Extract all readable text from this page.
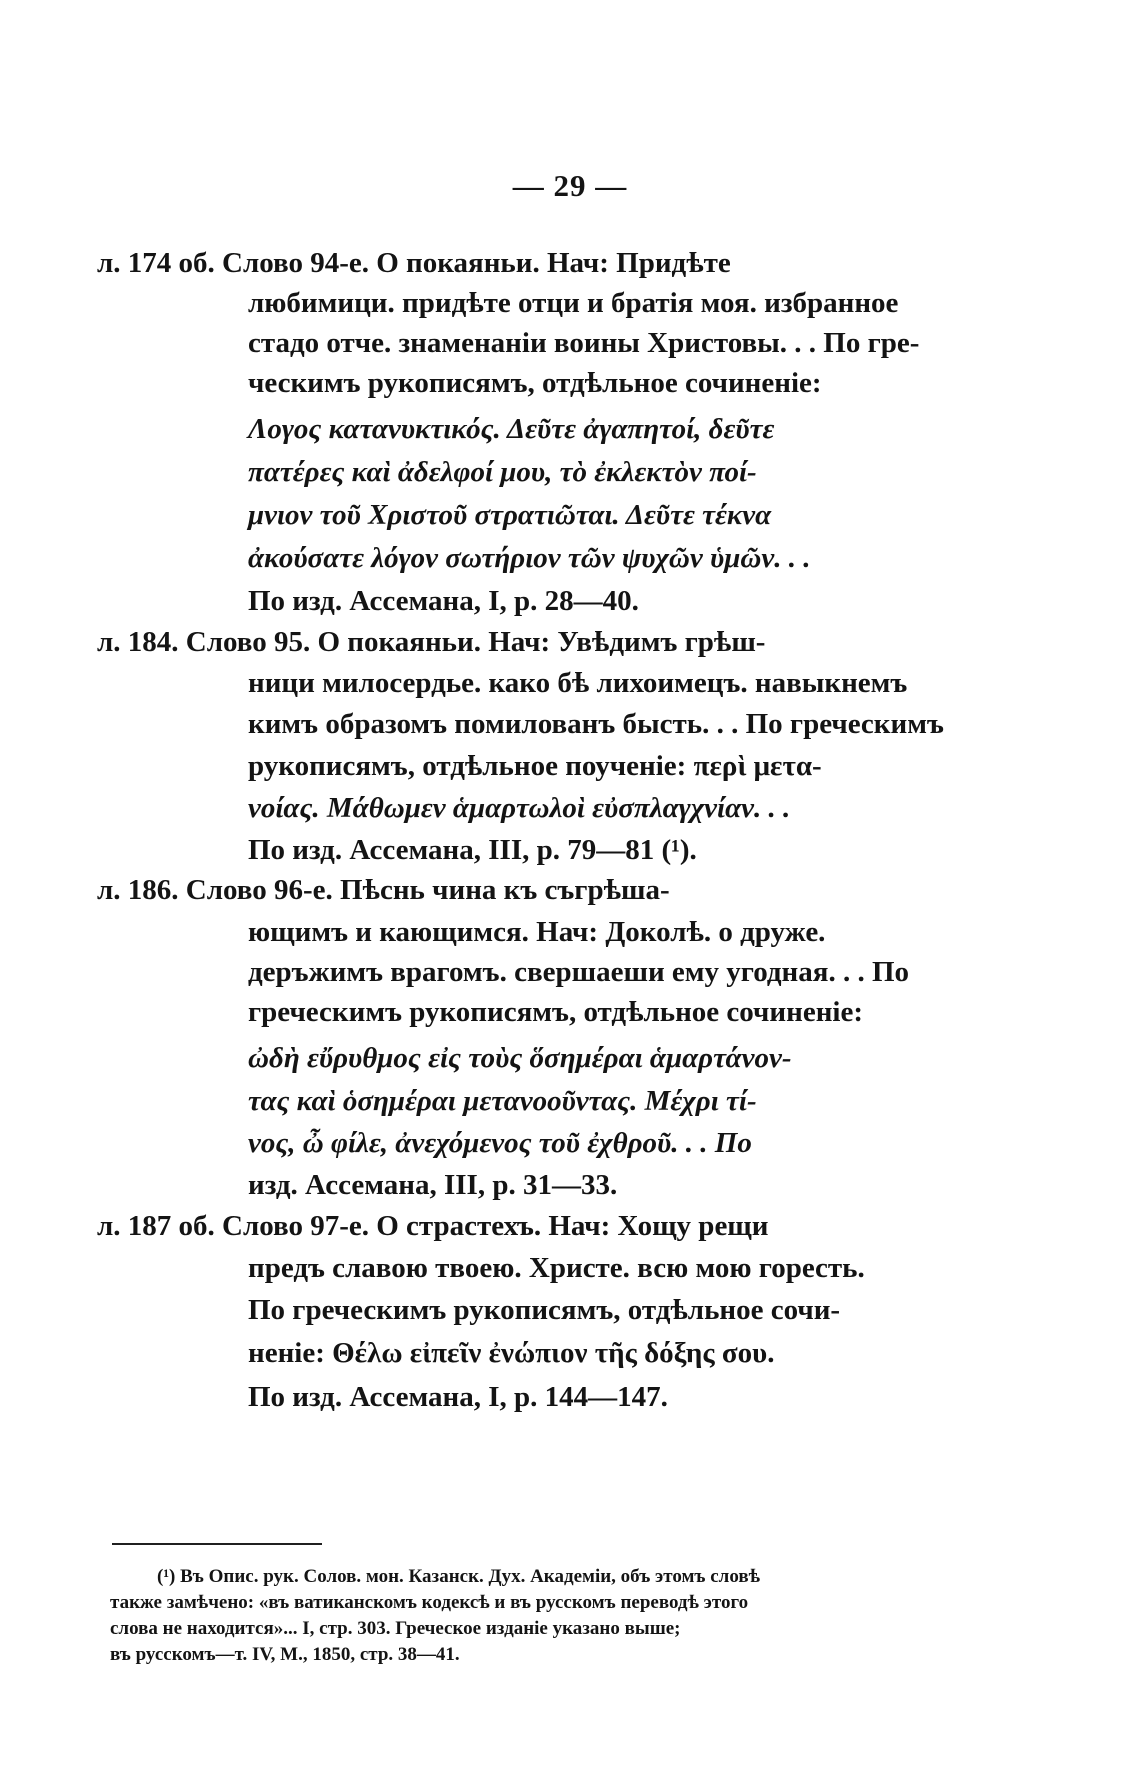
— 29 —
л. 174 об. Слово 94-е. О покаяньи. Нач: Придѣте
любимици. придѣте отци и братія моя. избранное
стадо отче. знаменаніи воины Христовы. . . По гре-
ческимъ рукописямъ, отдѣльное сочиненіе:
Λογος κατανυκτικός. Δεῦτε ἀγαπητοί, δεῦτε
πατέρες καὶ ἀδελφοί μου, τὸ ἐκλεκτὸν ποί-
μνιον τοῦ Χριστοῦ στρατιῶται. Δεῦτε τέκνα
ἀκούσατε λόγον σωτήριον τῶν ψυχῶν ὑμῶν. . .
По изд. Ассемана, I, р. 28—40.
л. 184. Слово 95. О покаяньи. Нач: Увѣдимъ грѣш-
ници милосердье. како бѣ лихоимецъ. навыкнемъ
кимъ образомъ помилованъ бысть. . . По греческимъ
рукописямъ, отдѣльное поученіе: περὶ μετα-
νοίας. Μάθωμεν ἁμαρτωλοὶ εὐσπλαγχνίαν. . .
По изд. Ассемана, III, р. 79—81 (¹).
л. 186. Слово 96-е. Пѣснь чина къ съгрѣша-
ющимъ и кающимся. Нач: Доколѣ. о друже.
деръжимъ врагомъ. свершаеши ему угодная. . . По
греческимъ рукописямъ, отдѣльное сочиненіе:
ὠδὴ εὔρυθμος εἰς τοὺς ὅσημέραι ἁμαρτάνον-
τας καὶ ὁσημέραι μετανοοῦντας. Μέχρι τί-
νος, ὦ φίλε, ἀνεχόμενος τοῦ ἐχθροῦ. . . По
изд. Ассемана, III, р. 31—33.
л. 187 об. Слово 97-е. О страстехъ. Нач: Хощу рещи
предъ славою твоею. Христе. всю мою горесть.
По греческимъ рукописямъ, отдѣльное сочи-
неніе: Θέλω εἰπεῖν ἐνώπιον τῆς δόξης σου.
По изд. Ассемана, I, р. 144—147.
(¹) Въ Опис. рук. Солов. мон. Казанск. Дух. Академіи, объ этомъ словѣ
также замѣчено: «въ ватиканскомъ кодексѣ и въ русскомъ переводѣ этого
слова не находится»... I, стр. 303. Греческое изданіе указано выше;
въ русскомъ—т. IV, М., 1850, стр. 38—41.
